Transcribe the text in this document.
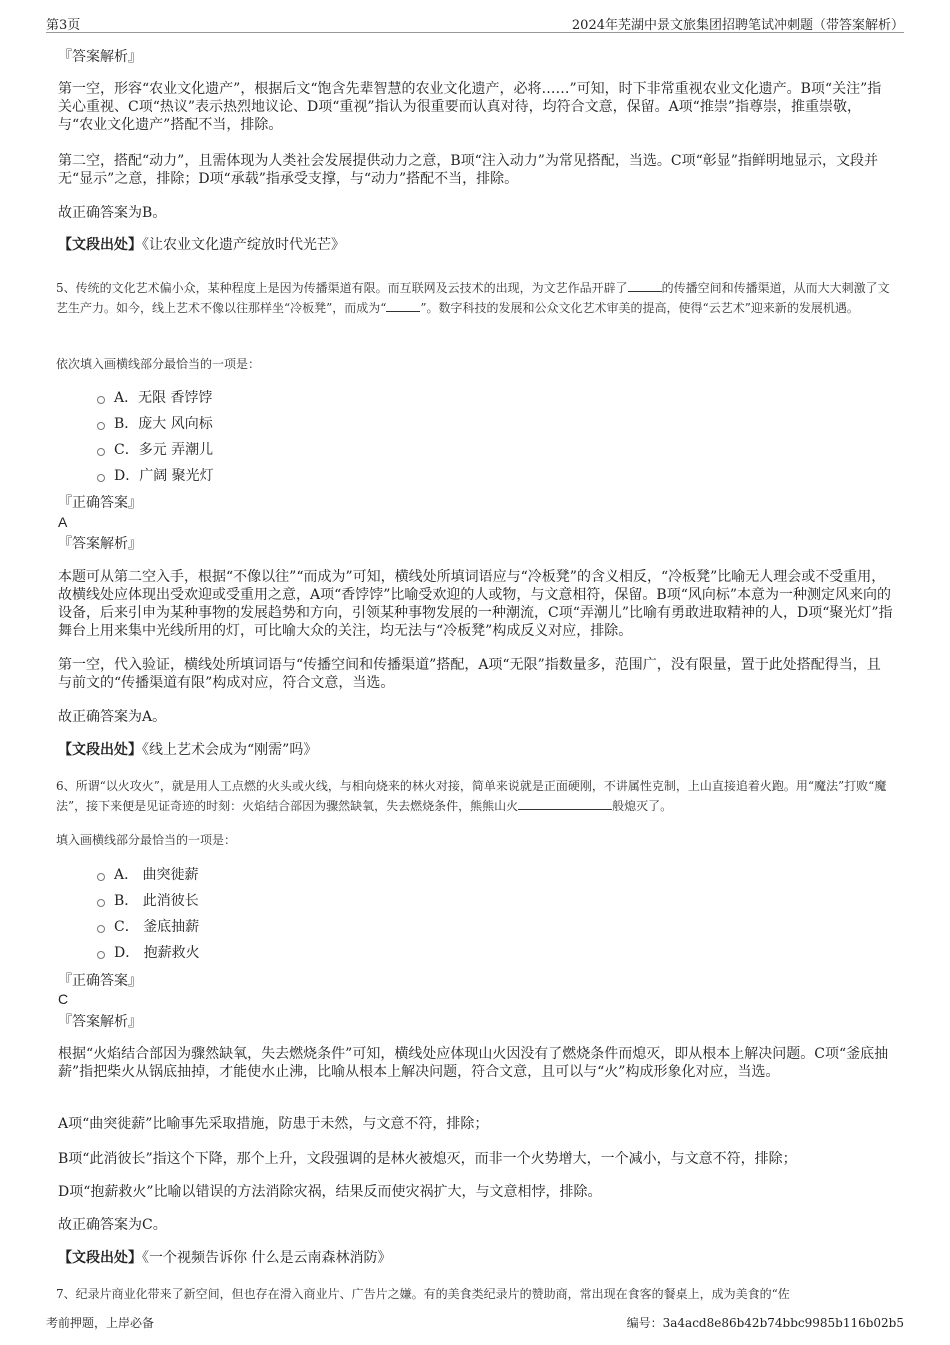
第3页	2024年芜湖中景文旅集团招聘笔试冲刺题（带答案解析）
『答案解析』
第一空，形容“农业文化遗产”，根据后文“饱含先辈智慧的农业文化遗产，必将……”可知，时下非常重视农业文化遗产。B项“关注”指关心重视、C项“热议”表示热烈地议论、D项“重视”指认为很重要而认真对待，均符合文意，保留。A项“推崇”指尊崇，推重崇敬，与“农业文化遗产”搭配不当，排除。
第二空，搭配“动力”，且需体现为人类社会发展提供动力之意，B项“注入动力”为常见搭配，当选。C项“彰显”指鲜明地显示，文段并无“显示”之意，排除；D项“承载”指承受支撑，与“动力”搭配不当，排除。
故正确答案为B。
【文段出处】《让农业文化遗产绽放时代光芒》
5、传统的文化艺术偏小众，某种程度上是因为传播渠道有限。而互联网及云技术的出现，为文艺作品开辟了	的传播空间和传播渠道，从而大大刺激了文艺生产力。如今，线上艺术不像以往那样坐“冷板凳”，而成为“	”。数字科技的发展和公众文化艺术审美的提高，使得“云艺术”迎来新的发展机遇。
依次填入画横线部分最恰当的一项是：
A．无限 香饽饽
B．庞大 风向标
C．多元 弄潮儿
D．广阔 聚光灯
『正确答案』
A
『答案解析』
本题可从第二空入手，根据“不像以往”“而成为”可知，横线处所填词语应与“冷板凳”的含义相反，“冷板凳”比喻无人理会或不受重用，故横线处应体现出受欢迎或受重用之意，A项“香饽饽”比喻受欢迎的人或物，与文意相符，保留。B项“风向标”本意为一种测定风来向的设备，后来引申为某种事物的发展趋势和方向，引领某种事物发展的一种潮流，C项“弄潮儿”比喻有勇敢进取精神的人，D项“聚光灯”指舞台上用来集中光线所用的灯，可比喻大众的关注，均无法与“冷板凳”构成反义对应，排除。
第一空，代入验证，横线处所填词语与“传播空间和传播渠道”搭配，A项“无限”指数量多，范围广，没有限量，置于此处搭配得当，且与前文的“传播渠道有限”构成对应，符合文意，当选。
故正确答案为A。
【文段出处】《线上艺术会成为“刚需”吗》
6、所谓“以火攻火”，就是用人工点燃的火头或火线，与相向烧来的林火对接，简单来说就是正面硬刚，不讲属性克制，上山直接追着火跑。用“魔法”打败“魔法”，接下来便是见证奇迹的时刻：火焰结合部因为骤然缺氧，失去燃烧条件，熊熊山火	般熄灭了。
填入画横线部分最恰当的一项是：
A． 曲突徙薪
B． 此消彼长
C． 釜底抽薪
D． 抱薪救火
『正确答案』
C
『答案解析』
根据“火焰结合部因为骤然缺氧，失去燃烧条件”可知，横线处应体现山火因没有了燃烧条件而熄灭，即从根本上解决问题。C项“釜底抽薪”指把柴火从锅底抽掉，才能使水止沸，比喻从根本上解决问题，符合文意，且可以与“火”构成形象化对应，当选。
A项“曲突徙薪”比喻事先采取措施，防患于未然，与文意不符，排除；
B项“此消彼长”指这个下降，那个上升，文段强调的是林火被熄灭，而非一个火势增大，一个减小，与文意不符，排除；
D项“抱薪救火”比喻以错误的方法消除灾祸，结果反而使灾祸扩大，与文意相悖，排除。
故正确答案为C。
【文段出处】《一个视频告诉你 什么是云南森林消防》
7、纪录片商业化带来了新空间，但也存在滑入商业片、广告片之嫌。有的美食类纪录片的赞助商，常出现在食客的餐桌上，成为美食的“佐
考前押题，上岸必备	编号：3a4acd8e86b42b74bbc9985b116b02b5
